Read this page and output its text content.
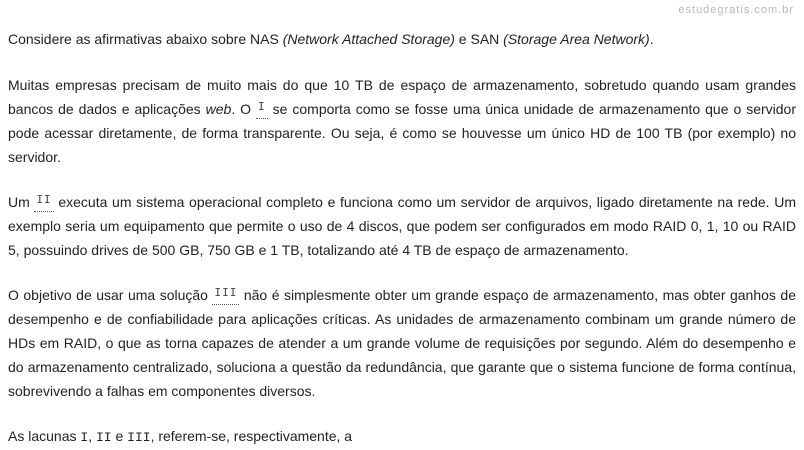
estudegratis.com.br

Considere as afirmativas abaixo sobre NAS (Network Attached Storage) e SAN (Storage Area Network).

Muitas empresas precisam de muito mais do que 10 TB de espaço de armazenamento, sobretudo quando usam grandes bancos de dados e aplicações web. O I se comporta como se fosse uma única unidade de armazenamento que o servidor pode acessar diretamente, de forma transparente. Ou seja, é como se houvesse um único HD de 100 TB (por exemplo) no servidor.

Um II executa um sistema operacional completo e funciona como um servidor de arquivos, ligado diretamente na rede. Um exemplo seria um equipamento que permite o uso de 4 discos, que podem ser configurados em modo RAID 0, 1, 10 ou RAID 5, possuindo drives de 500 GB, 750 GB e 1 TB, totalizando até 4 TB de espaço de armazenamento.

O objetivo de usar uma solução III não é simplesmente obter um grande espaço de armazenamento, mas obter ganhos de desempenho e de confiabilidade para aplicações críticas. As unidades de armazenamento combinam um grande número de HDs em RAID, o que as torna capazes de atender a um grande volume de requisições por segundo. Além do desempenho e do armazenamento centralizado, soluciona a questão da redundância, que garante que o sistema funcione de forma contínua, sobrevivendo a falhas em componentes diversos.

As lacunas I, II e III, referem-se, respectivamente, a
